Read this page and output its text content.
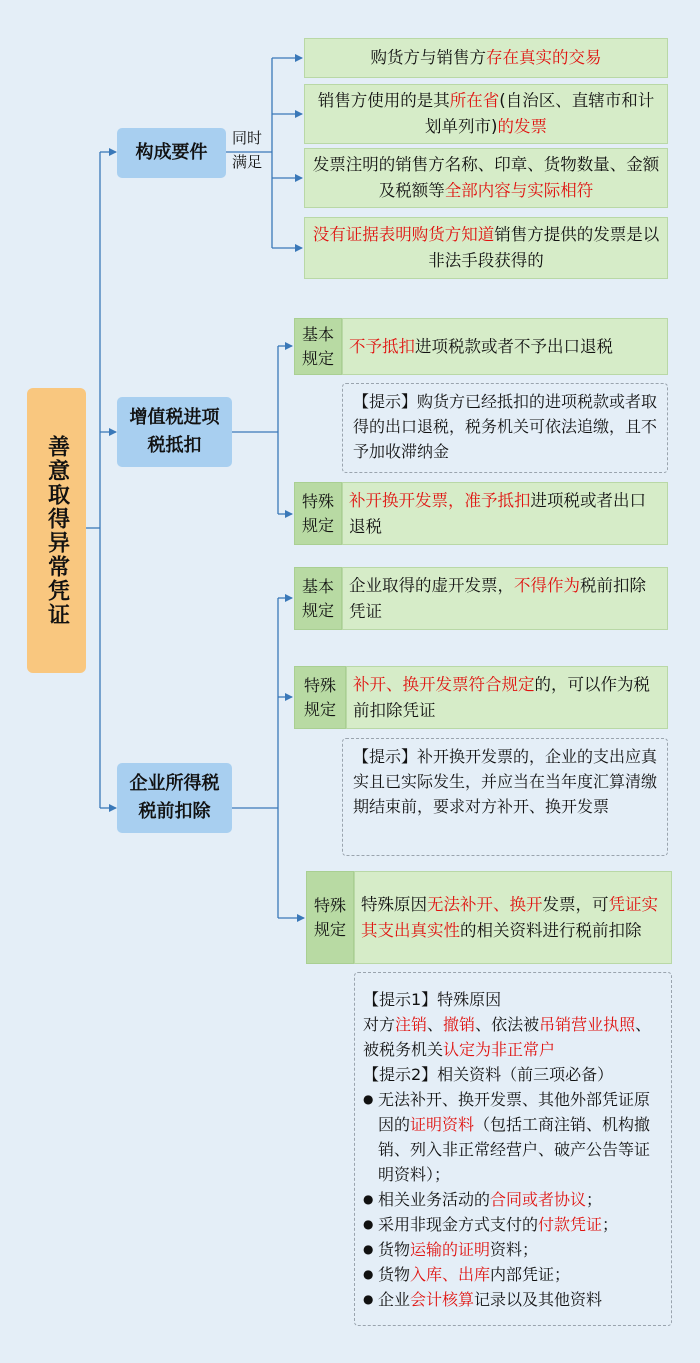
善意取得异常凭证
构成要件
增值税进项税抵扣
企业所得税税前扣除
同时满足
购货方与销售方存在真实的交易
销售方使用的是其所在省(自治区、直辖市和计划单列市)的发票
发票注明的销售方名称、印章、货物数量、金额及税额等全部内容与实际相符
没有证据表明购货方知道销售方提供的发票是以非法手段获得的
基本规定
不予抵扣进项税款或者不予出口退税
【提示】购货方已经抵扣的进项税款或者取得的出口退税，税务机关可依法追缴，且不予加收滞纳金
特殊规定
补开换开发票，准予抵扣进项税或者出口退税
基本规定
企业取得的虚开发票，不得作为税前扣除凭证
特殊规定
补开、换开发票符合规定的，可以作为税前扣除凭证
【提示】补开换开发票的，企业的支出应真实且已实际发生，并应当在当年度汇算清缴期结束前，要求对方补开、换开发票
特殊规定
特殊原因无法补开、换开发票，可凭证实其支出真实性的相关资料进行税前扣除
【提示1】特殊原因
对方注销、撤销、依法被吊销营业执照、被税务机关认定为非正常户
【提示2】相关资料（前三项必备）
● 无法补开、换开发票、其他外部凭证原因的证明资料（包括工商注销、机构撤销、列入非正常经营户、破产公告等证明资料）；
● 相关业务活动的合同或者协议；
● 采用非现金方式支付的付款凭证；
● 货物运输的证明资料；
● 货物入库、出库内部凭证；
● 企业会计核算记录以及其他资料
